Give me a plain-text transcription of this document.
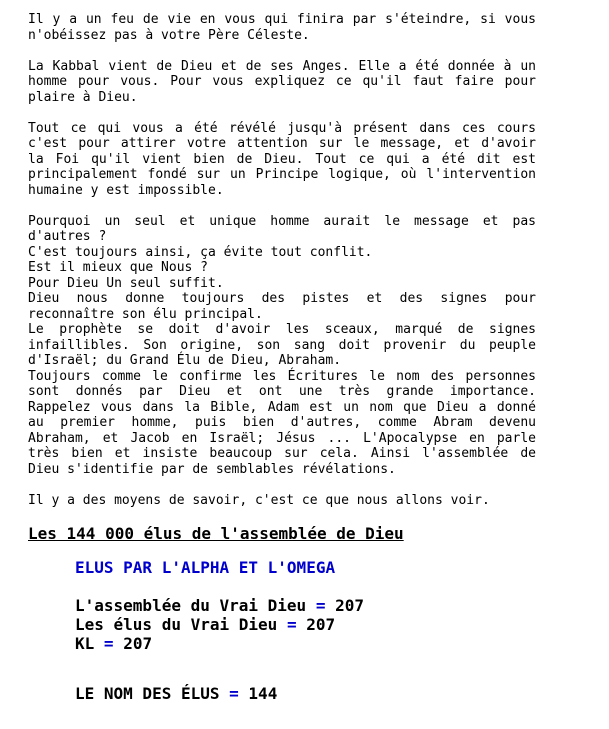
Il y a un feu de vie en vous qui finira par s'éteindre, si vous
n'obéissez pas à votre Père Céleste.
La Kabbal vient de Dieu et de ses Anges. Elle a été donnée à un
homme pour vous. Pour vous expliquez ce qu'il faut faire pour
plaire à Dieu.
Tout ce qui vous a été révélé jusqu'à présent dans ces cours
c'est pour attirer votre attention sur le message, et d'avoir
la Foi qu'il vient bien de Dieu. Tout ce qui a été dit est
principalement fondé sur un Principe logique, où l'intervention
humaine y est impossible.
Pourquoi un seul et unique homme aurait le message et pas
d'autres ?
C'est toujours ainsi, ça évite tout conflit.
Est il mieux que Nous ?
Pour Dieu Un seul suffit.
Dieu nous donne toujours des pistes et des signes pour
reconnaître son élu principal.
Le prophète se doit d'avoir les sceaux, marqué de signes
infaillibles. Son origine, son sang doit provenir du peuple
d'Israël; du Grand Élu de Dieu, Abraham.
Toujours comme le confirme les Écritures le nom des personnes
sont donnés par Dieu et ont une très grande importance.
Rappelez vous dans la Bible, Adam est un nom que Dieu a donné
au premier homme, puis bien d'autres, comme Abram devenu
Abraham, et Jacob en Israël; Jésus ... L'Apocalypse en parle
très bien et insiste beaucoup sur cela. Ainsi l'assemblée de
Dieu s'identifie par de semblables révélations.
Il y a des moyens de savoir, c'est ce que nous allons voir.
Les 144 000 élus de l'assemblée de Dieu
ELUS PAR L'ALPHA ET L'OMEGA
L'assemblée du Vrai Dieu = 207
Les élus du Vrai Dieu = 207
KL = 207
LE NOM DES ÉLUS = 144
